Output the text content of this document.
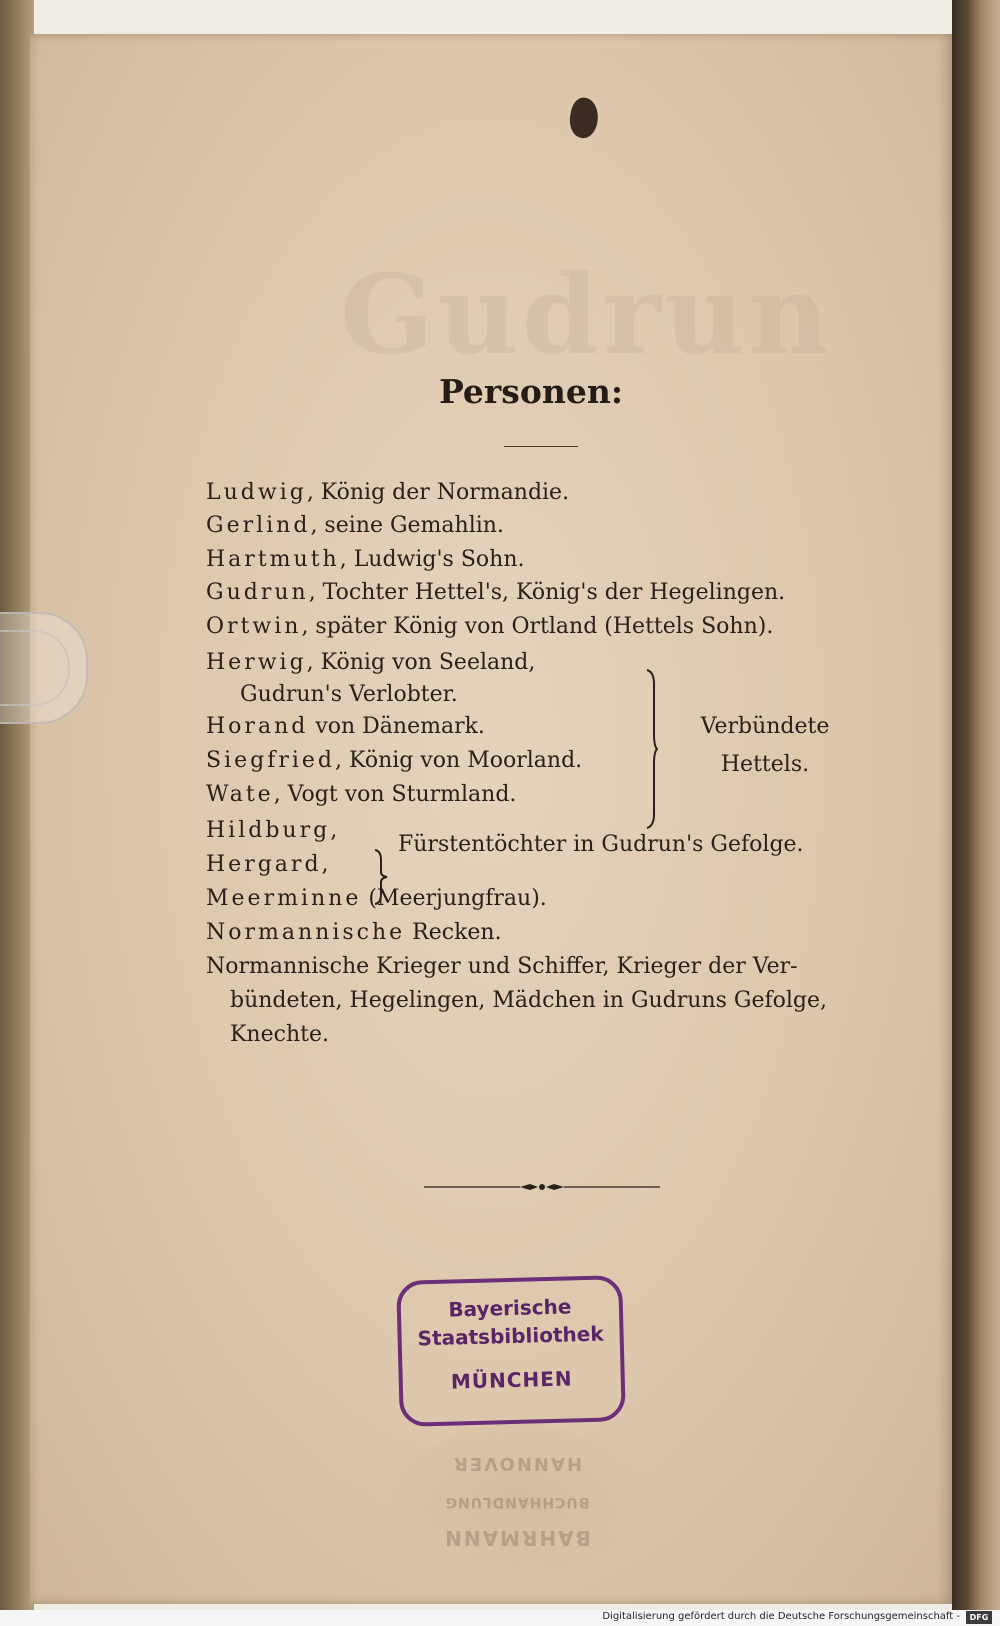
Gudrun
Personen:
Ludwig, König der Normandie.
Gerlind, seine Gemahlin.
Hartmuth, Ludwig's Sohn.
Gudrun, Tochter Hettel's, König's der Hegelingen.
Ortwin, später König von Ortland (Hettels Sohn).
Herwig, König von Seeland,
Gudrun's Verlobter.
Horand von Dänemark.
Siegfried, König von Moorland.
Wate, Vogt von Sturmland.
Verbündete
Hettels.
Hildburg,
Hergard,
Fürstentöchter in Gudrun's Gefolge.
Meerminne (Meerjungfrau).
Normannische Recken.
Normannische Krieger und Schiffer, Krieger der Ver-
bündeten, Hegelingen, Mädchen in Gudruns Gefolge,
Knechte.
Bayerische
Staatsbibliothek
MÜNCHEN
BAHRMANN
BUCHHANDLUNG
HANNOVER
Digitalisierung gefördert durch die Deutsche Forschungsgemeinschaft -	DFG
